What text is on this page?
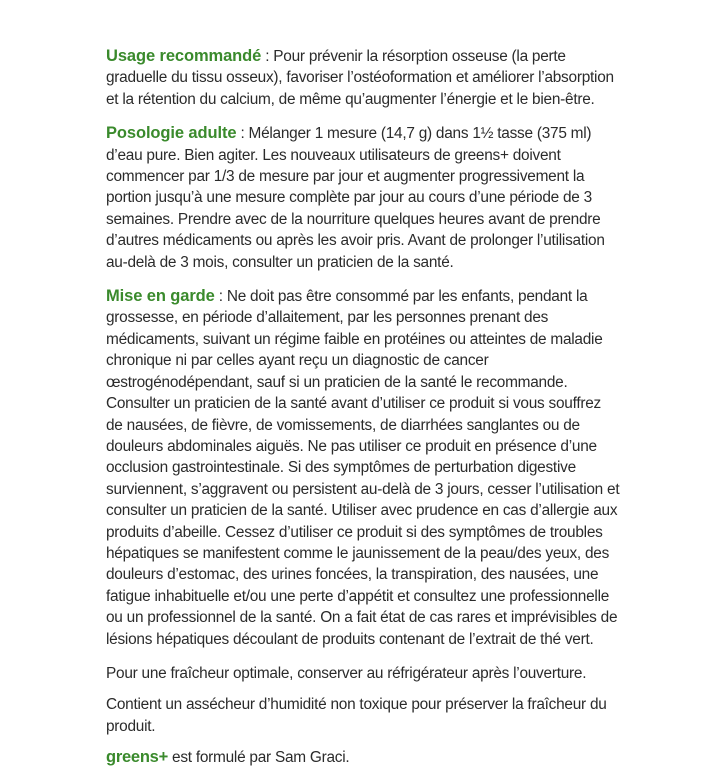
Usage recommandé : Pour prévenir la résorption osseuse (la perte graduelle du tissu osseux), favoriser l’ostéoformation et améliorer l’absorption et la rétention du calcium, de même qu’augmenter l’énergie et le bien-être.

Posologie adulte : Mélanger 1 mesure (14,7 g) dans 1½ tasse (375 ml) d’eau pure. Bien agiter. Les nouveaux utilisateurs de greens+ doivent commencer par 1/3 de mesure par jour et augmenter progressivement la portion jusqu’à une mesure complète par jour au cours d’une période de 3 semaines. Prendre avec de la nourriture quelques heures avant de prendre d’autres médicaments ou après les avoir pris. Avant de prolonger l’utilisation au-delà de 3 mois, consulter un praticien de la santé.

Mise en garde : Ne doit pas être consommé par les enfants, pendant la grossesse, en période d’allaitement, par les personnes prenant des médicaments, suivant un régime faible en protéines ou atteintes de maladie chronique ni par celles ayant reçu un diagnostic de cancer œstrogénodépendant, sauf si un praticien de la santé le recommande. Consulter un praticien de la santé avant d’utiliser ce produit si vous souffrez de nausées, de fièvre, de vomissements, de diarrhées sanglantes ou de douleurs abdominales aiguës. Ne pas utiliser ce produit en présence d’une occlusion gastrointestinale. Si des symptômes de perturbation digestive surviennent, s’aggravent ou persistent au-delà de 3 jours, cesser l’utilisation et consulter un praticien de la santé. Utiliser avec prudence en cas d’allergie aux produits d’abeille. Cessez d’utiliser ce produit si des symptômes de troubles hépatiques se manifestent comme le jaunissement de la peau/des yeux, des douleurs d’estomac, des urines foncées, la transpiration, des nausées, une fatigue inhabituelle et/ou une perte d’appétit et consultez une professionnelle ou un professionnel de la santé. On a fait état de cas rares et imprévisibles de lésions hépatiques découlant de produits contenant de l’extrait de thé vert.

Pour une fraîcheur optimale, conserver au réfrigérateur après l’ouverture.

Contient un assécheur d’humidité non toxique pour préserver la fraîcheur du produit.

greens+ est formulé par Sam Graci.
